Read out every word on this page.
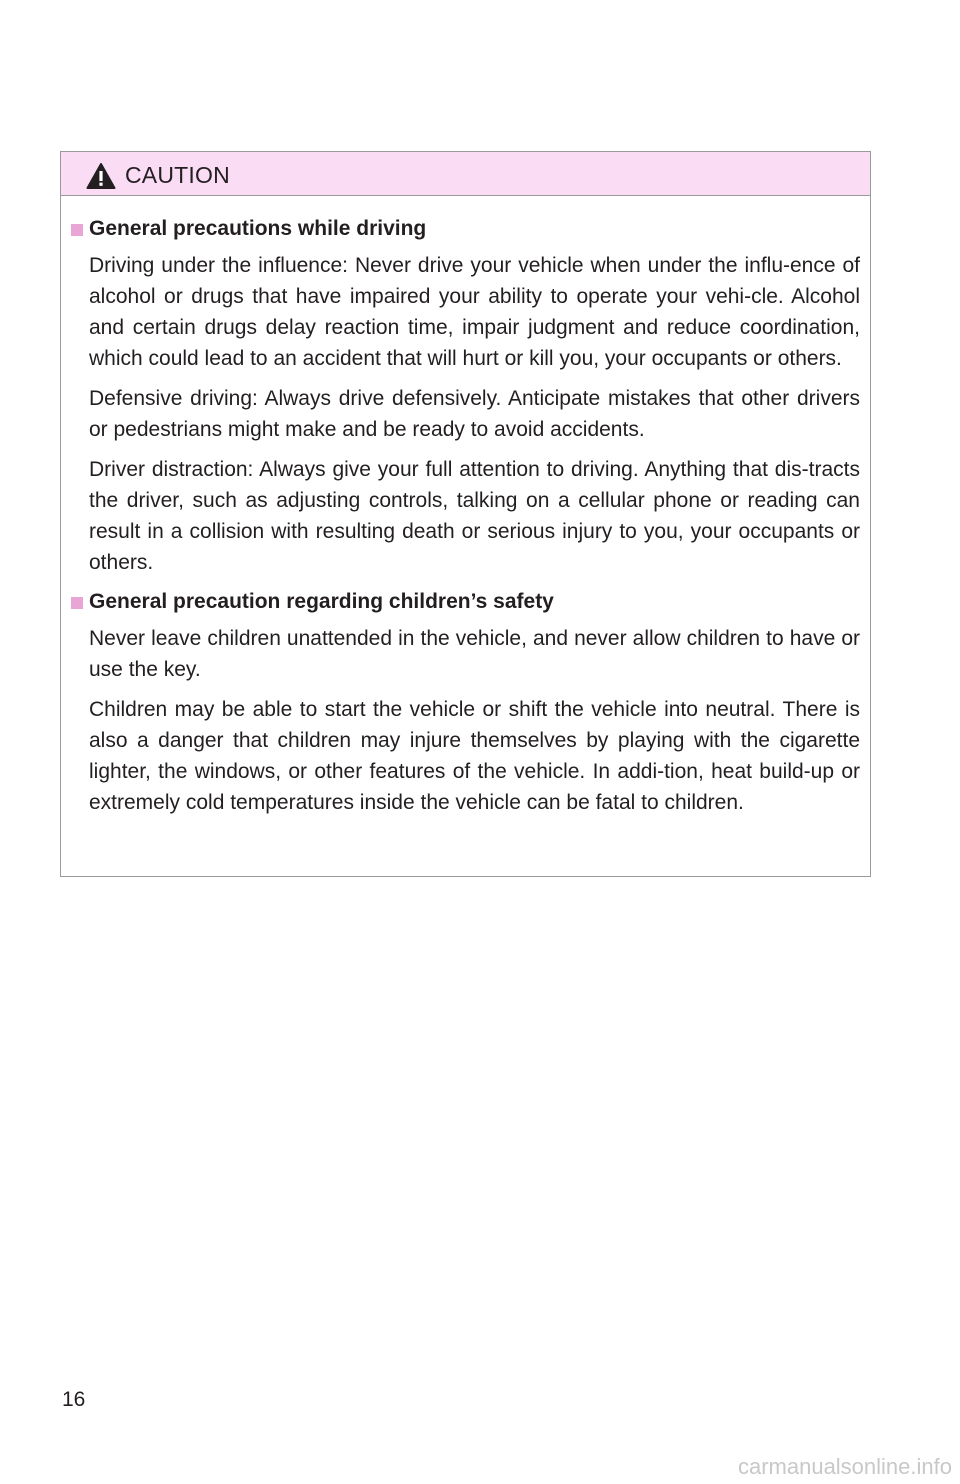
CAUTION
General precautions while driving

Driving under the influence: Never drive your vehicle when under the influ-ence of alcohol or drugs that have impaired your ability to operate your vehi-cle. Alcohol and certain drugs delay reaction time, impair judgment and reduce coordination, which could lead to an accident that will hurt or kill you, your occupants or others.

Defensive driving: Always drive defensively. Anticipate mistakes that other drivers or pedestrians might make and be ready to avoid accidents.

Driver distraction: Always give your full attention to driving. Anything that dis-tracts the driver, such as adjusting controls, talking on a cellular phone or reading can result in a collision with resulting death or serious injury to you, your occupants or others.

General precaution regarding children’s safety

Never leave children unattended in the vehicle, and never allow children to have or use the key.

Children may be able to start the vehicle or shift the vehicle into neutral. There is also a danger that children may injure themselves by playing with the cigarette lighter, the windows, or other features of the vehicle. In addi-tion, heat build-up or extremely cold temperatures inside the vehicle can be fatal to children.

16
carmanualsonline.info
